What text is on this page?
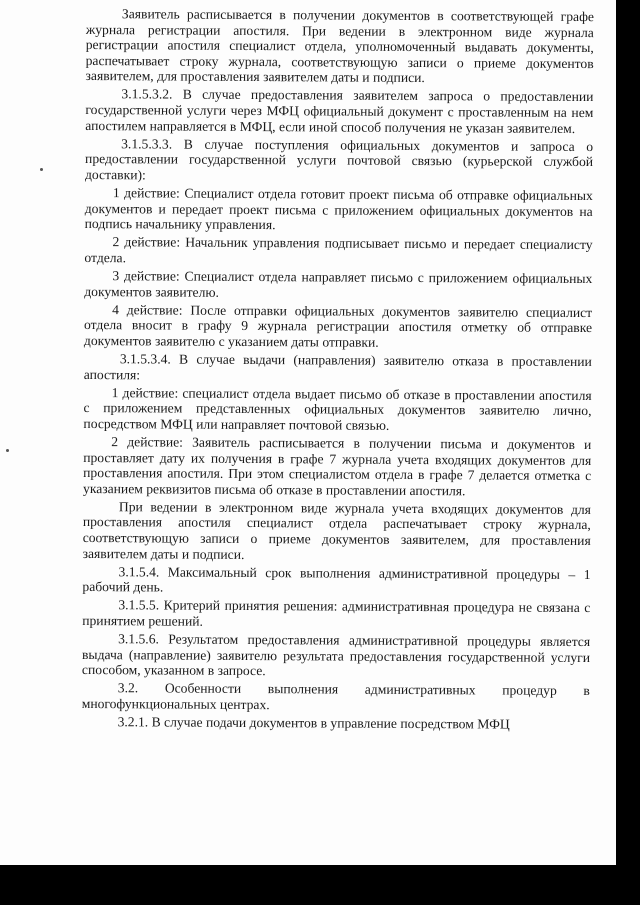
Заявитель расписывается в получении документов в соответствующей графе журнала регистрации апостиля. При ведении в электронном виде журнала регистрации апостиля специалист отдела, уполномоченный выдавать документы, распечатывает строку журнала, соответствующую записи о приеме документов заявителем, для проставления заявителем даты и подписи.

3.1.5.3.2. В случае предоставления заявителем запроса о предоставлении государственной услуги через МФЦ официальный документ с проставленным на нем апостилем направляется в МФЦ, если иной способ получения не указан заявителем.

3.1.5.3.3. В случае поступления официальных документов и запроса о предоставлении государственной услуги почтовой связью (курьерской службой доставки):

1 действие: Специалист отдела готовит проект письма об отправке официальных документов и передает проект письма с приложением официальных документов на подпись начальнику управления.

2 действие: Начальник управления подписывает письмо и передает специалисту отдела.

3 действие: Специалист отдела направляет письмо с приложением официальных документов заявителю.

4 действие: После отправки официальных документов заявителю специалист отдела вносит в графу 9 журнала регистрации апостиля отметку об отправке документов заявителю с указанием даты отправки.

3.1.5.3.4. В случае выдачи (направления) заявителю отказа в проставлении апостиля:

1 действие: специалист отдела выдает письмо об отказе в проставлении апостиля с приложением представленных официальных документов заявителю лично, посредством МФЦ или направляет почтовой связью.

2 действие: Заявитель расписывается в получении письма и документов и проставляет дату их получения в графе 7 журнала учета входящих документов для проставления апостиля. При этом специалистом отдела в графе 7 делается отметка с указанием реквизитов письма об отказе в проставлении апостиля.

При ведении в электронном виде журнала учета входящих документов для проставления апостиля специалист отдела распечатывает строку журнала, соответствующую записи о приеме документов заявителем, для проставления заявителем даты и подписи.

3.1.5.4. Максимальный срок выполнения административной процедуры – 1 рабочий день.

3.1.5.5. Критерий принятия решения: административная процедура не связана с принятием решений.

3.1.5.6. Результатом предоставления административной процедуры является выдача (направление) заявителю результата предоставления государственной услуги способом, указанном в запросе.

3.2. Особенности выполнения административных процедур в многофункциональных центрах.

3.2.1. В случае подачи документов в управление посредством МФЦ
